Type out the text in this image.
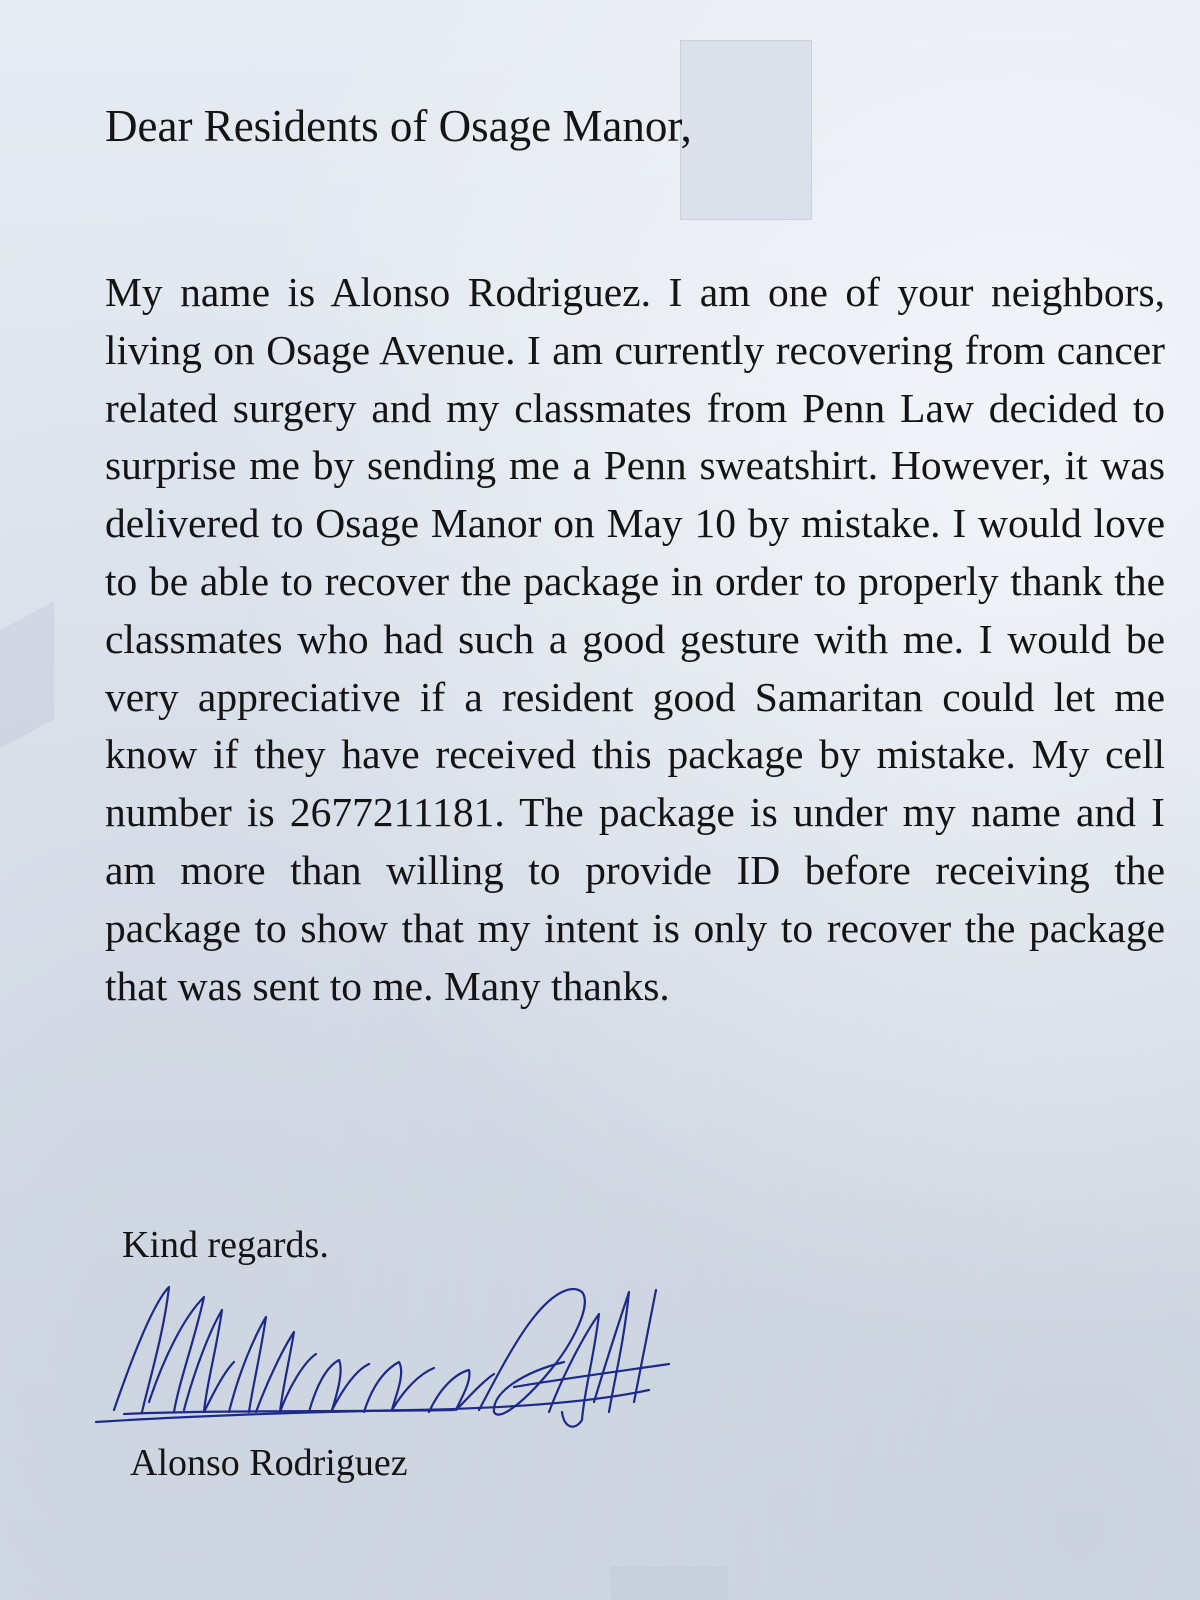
Dear Residents of Osage Manor,

My name is Alonso Rodriguez. I am one of your neighbors, living on Osage Avenue. I am currently recovering from cancer related surgery and my classmates from Penn Law decided to surprise me by sending me a Penn sweatshirt. However, it was delivered to Osage Manor on May 10 by mistake. I would love to be able to recover the package in order to properly thank the classmates who had such a good gesture with me. I would be very appreciative if a resident good Samaritan could let me know if they have received this package by mistake. My cell number is 2677211181. The package is under my name and I am more than willing to provide ID before receiving the package to show that my intent is only to recover the package that was sent to me. Many thanks.

Kind regards.

Alonso Rodriguez
